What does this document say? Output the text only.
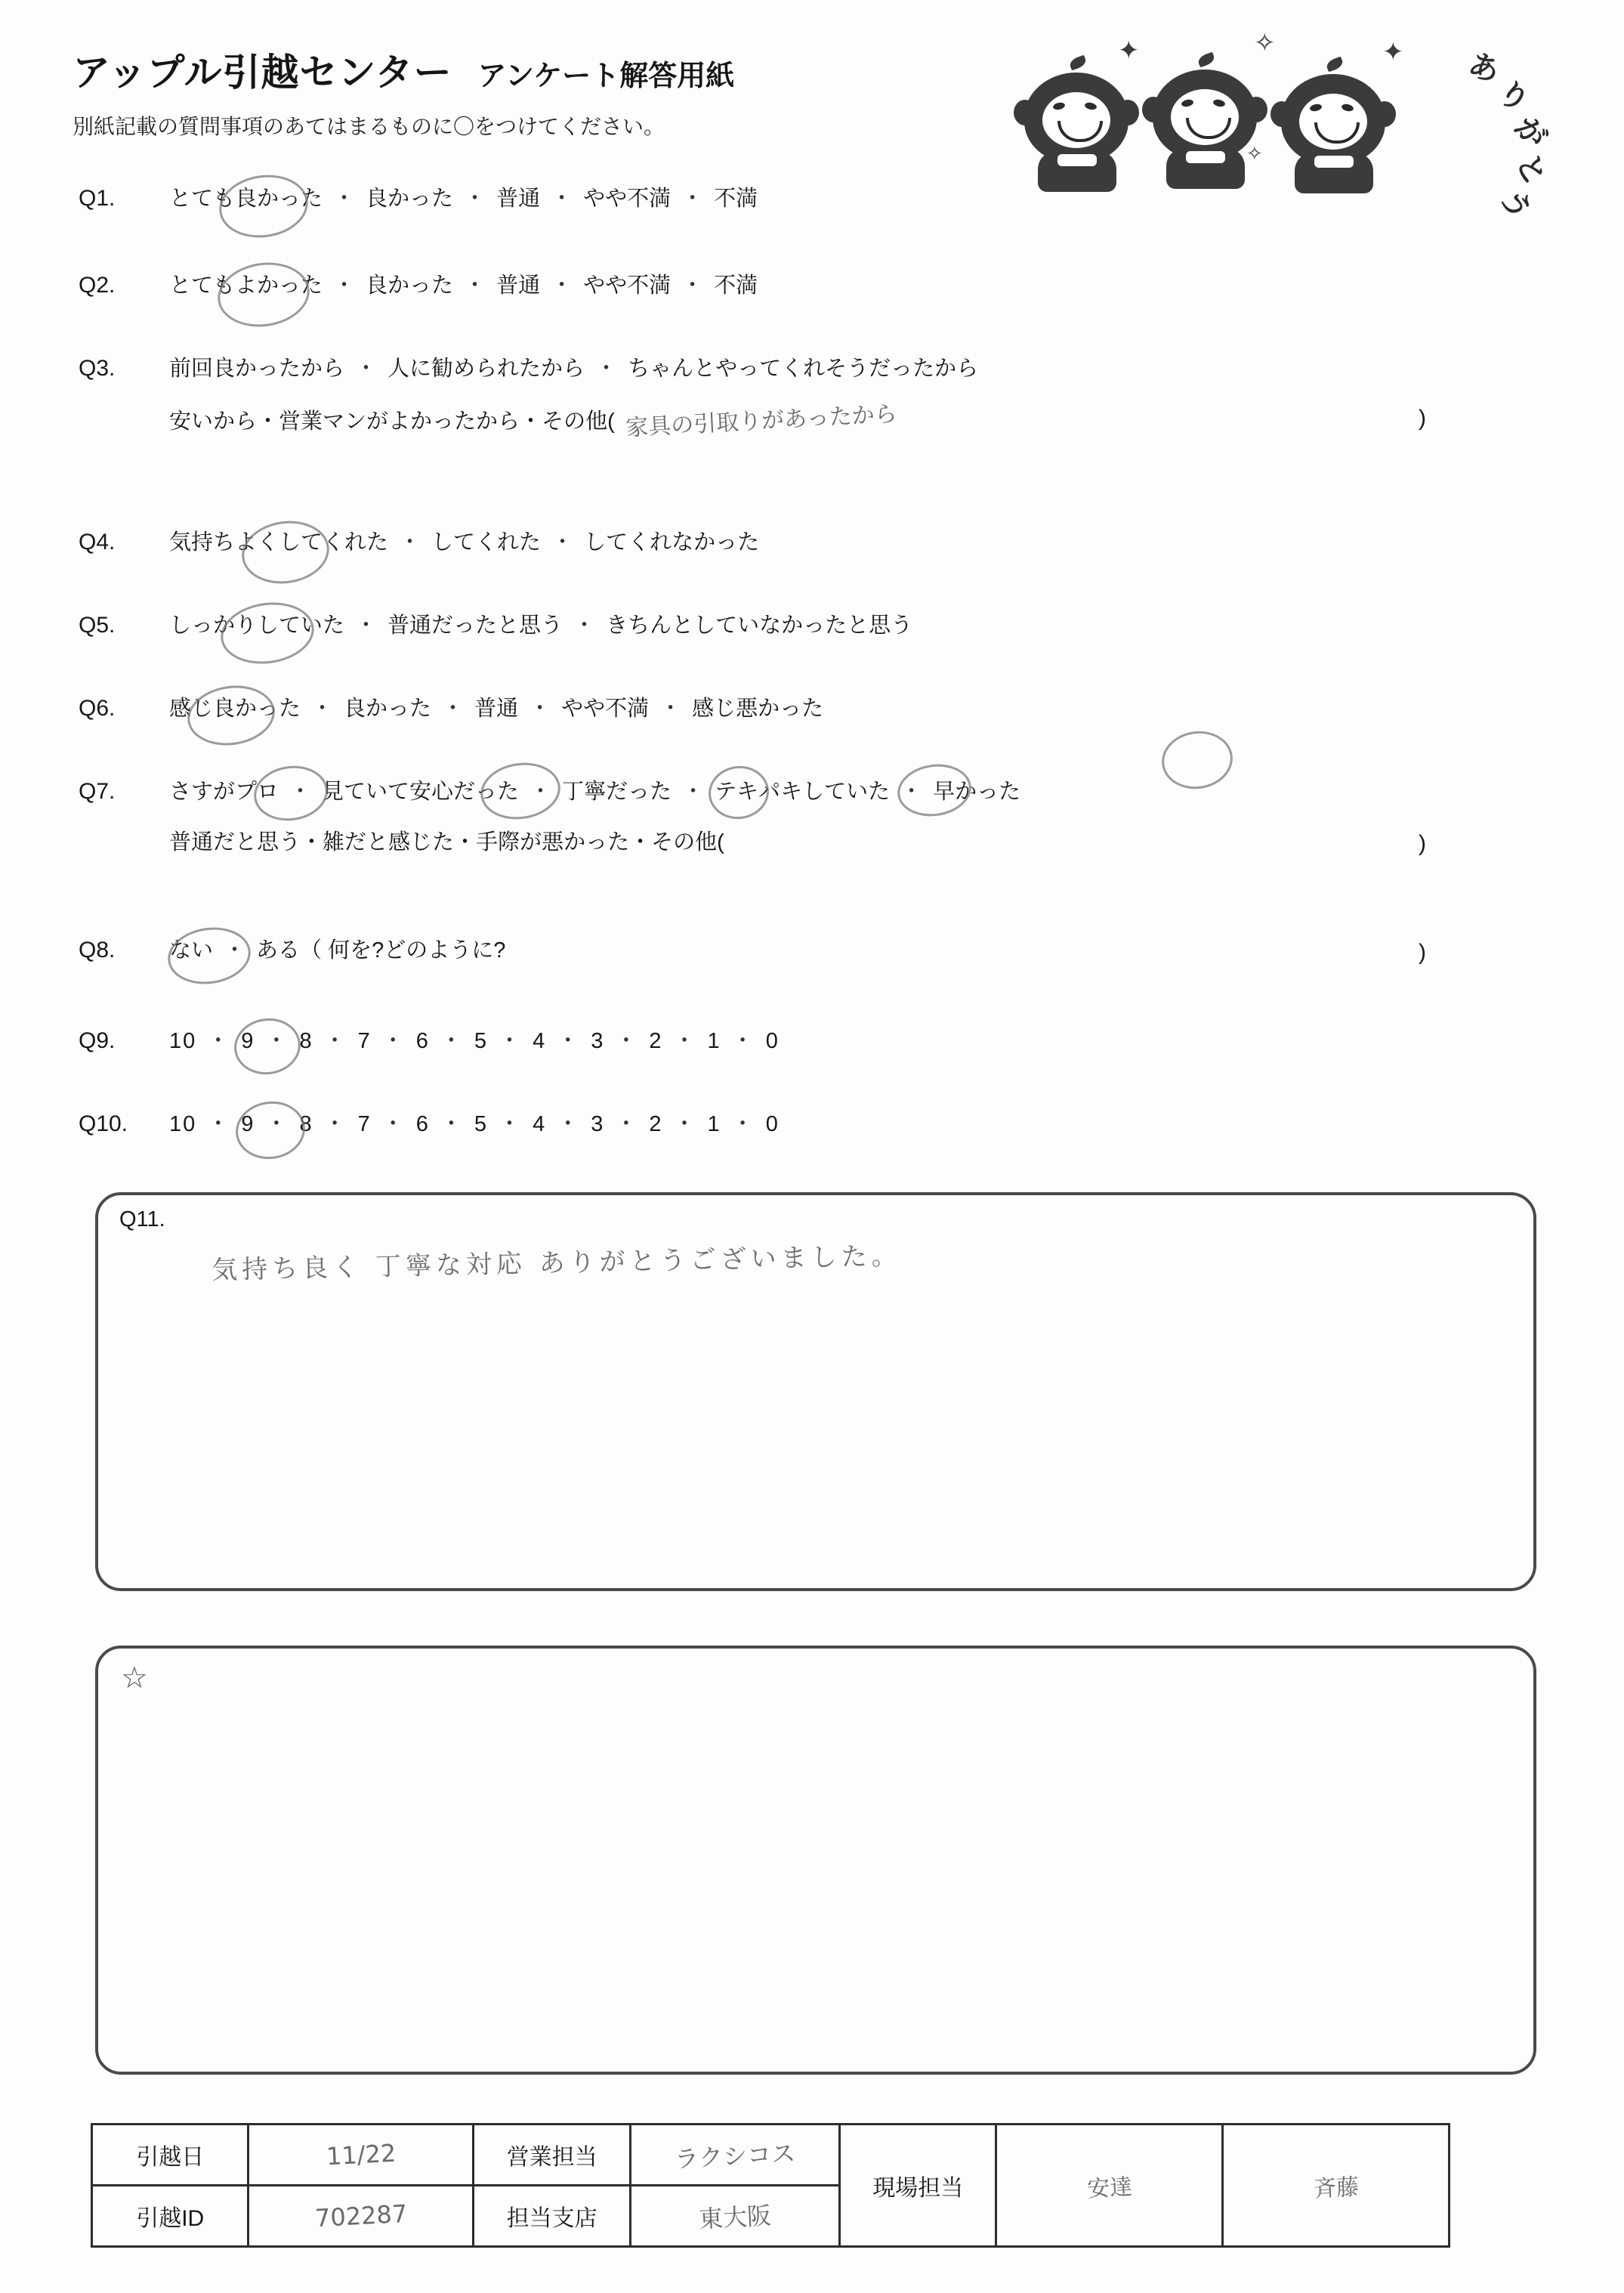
アップル引越センター アンケート解答用紙
別紙記載の質問事項のあてはまるものに〇をつけてください。
✦	✧	✦
✧
あ
り
が
と
う
Q1. とても良かった ・ 良かった ・ 普通 ・ やや不満 ・ 不満
Q2. とてもよかった ・ 良かった ・ 普通 ・ やや不満 ・ 不満
Q3. 前回良かったから ・ 人に勧められたから ・ ちゃんとやってくれそうだったから
安いから・営業マンがよかったから・その他( 家具の引取りがあったから	)
Q4. 気持ちよくしてくれた ・ してくれた ・ してくれなかった
Q5. しっかりしていた ・ 普通だったと思う ・ きちんとしていなかったと思う
Q6. 感じ良かった ・ 良かった ・ 普通 ・ やや不満 ・ 感じ悪かった
Q7. さすがプロ ・ 見ていて安心だった ・ 丁寧だった ・ テキパキしていた ・ 早かった
普通だと思う・雑だと感じた・手際が悪かった・その他(	)
Q8. ない ・ ある（ 何を?どのように?	)
Q9. 10 ・ 9 ・ 8 ・ 7 ・ 6 ・ 5 ・ 4 ・ 3 ・ 2 ・ 1 ・ 0
Q10. 10 ・ 9 ・ 8 ・ 7 ・ 6 ・ 5 ・ 4 ・ 3 ・ 2 ・ 1 ・ 0
Q11.
気持ち良く 丁寧な対応 ありがとうございました。
☆
引越日	11/22	営業担当	ラクシコス	現場担当	安達	斉藤
引越ID	702287	担当支店	東大阪			
